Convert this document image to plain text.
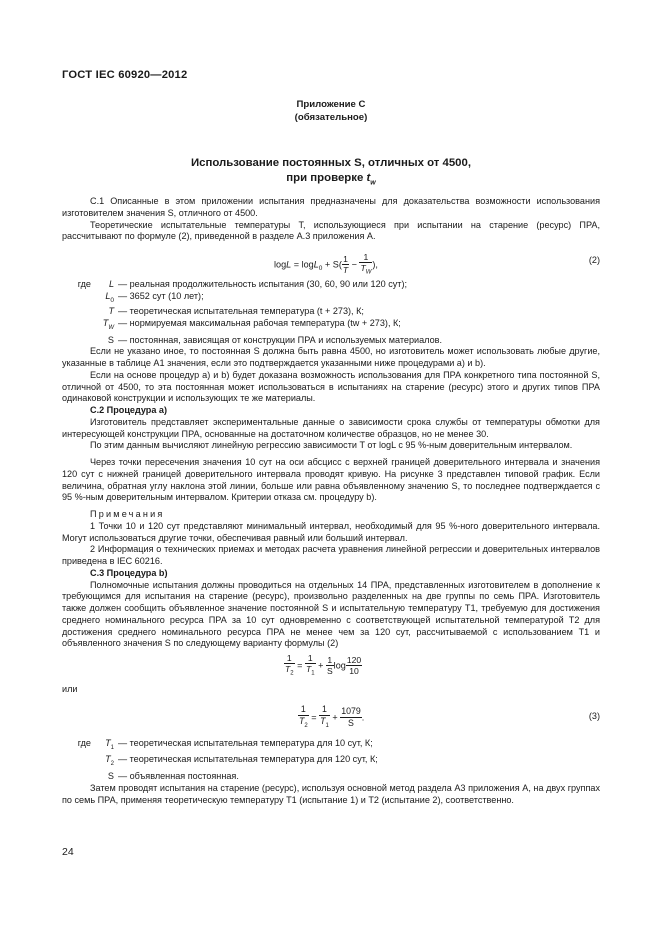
ГОСТ IEC 60920—2012
Приложение С
(обязательное)
Использование постоянных S, отличных от 4500,
при проверке $t_w$

С.1 Описанные в этом приложении испытания предназначены для доказательства возможности использования изготовителем значения S, отличного от 4500.

Теоретические испытательные температуры T, использующиеся при испытании на старение (ресурс) ПРА, рассчитывают по формуле (2), приведенной в разделе А.3 приложения А.

$\log L = \log L_0 + S( \frac{1}{T} - \frac{1}{T_W}$ ),	(2)
где	L — реальная продолжительность испытания (30, 60, 90 или 120 сут);
$L_0$ — 3652 сут (10 лет);
T — теоретическая испытательная температура (t + 273), К;
$T_W$ — нормируемая максимальная рабочая температура (tw + 273), К;
S — постоянная, зависящая от конструкции ПРА и используемых материалов.

Если не указано иное, то постоянная S должна быть равна 4500, но изготовитель может использовать любые другие, указанные в таблице А1 значения, если это подтверждается указанными ниже процедурами а) и b).

Если на основе процедур а) и b) будет доказана возможность использования для ПРА конкретного типа постоянной S, отличной от 4500, то эта постоянная может использоваться в испытаниях на старение (ресурс) этого и других типов ПРА одинаковой конструкции и использующих те же материалы.

С.2 Процедура а)

Изготовитель представляет экспериментальные данные о зависимости срока службы от температуры обмотки для интересующей конструкции ПРА, основанные на достаточном количестве образцов, но не менее 30.

По этим данным вычисляют линейную регрессию зависимости T от logL с 95 %-ным доверительным интервалом.

Через точки пересечения значения 10 сут на оси абсцисс с верхней границей доверительного интервала и значения 120 сут с нижней границей доверительного интервала проводят кривую. На рисунке 3 представлен типовой график. Если величина, обратная углу наклона этой линии, больше или равна объявленному значению S, то последнее подтверждается с 95 %-ным доверительным интервалом. Критерии отказа см. процедуру b).

Примечания

1 Точки 10 и 120 сут представляют минимальный интервал, необходимый для 95 %-ного доверительного интервала. Могут использоваться другие точки, обеспечивая равный или больший интервал.

2 Информация о технических приемах и методах расчета уравнения линейной регрессии и доверительных интервалов приведена в IEC 60216.

С.3 Процедура b)

Полномочные испытания должны проводиться на отдельных 14 ПРА, представленных изготовителем в дополнение к требующимся для испытания на старение (ресурс), произвольно разделенных на две группы по семь ПРА. Изготовитель также должен сообщить объявленное значение постоянной S и испытательную температуру T1, требуемую для достижения среднего номинального ресурса ПРА за 10 сут одновременно с соответствующей испытательной температурой T2 для достижения среднего номинального ресурса ПРА не менее чем за 120 сут, рассчитываемой с использованием T1 и объявленного значения S по следующему варианту формулы (2)

$\frac{1}{T_2} = \frac{1}{T_1} + \frac{1}{S}$ $\log \frac{120}{10}$

или

$\frac{1}{T_2} = \frac{1}{T_1} + \frac{1079}{S}$ .	(3)
где	$T_1$ — теоретическая испытательная температура для 10 сут, К;
$T_2$ — теоретическая испытательная температура для 120 сут, К;
S — объявленная постоянная.

Затем проводят испытания на старение (ресурс), используя основной метод раздела А3 приложения А, на двух группах по семь ПРА, применяя теоретическую температуру T1 (испытание 1) и T2 (испытание 2), соответственно.

24
